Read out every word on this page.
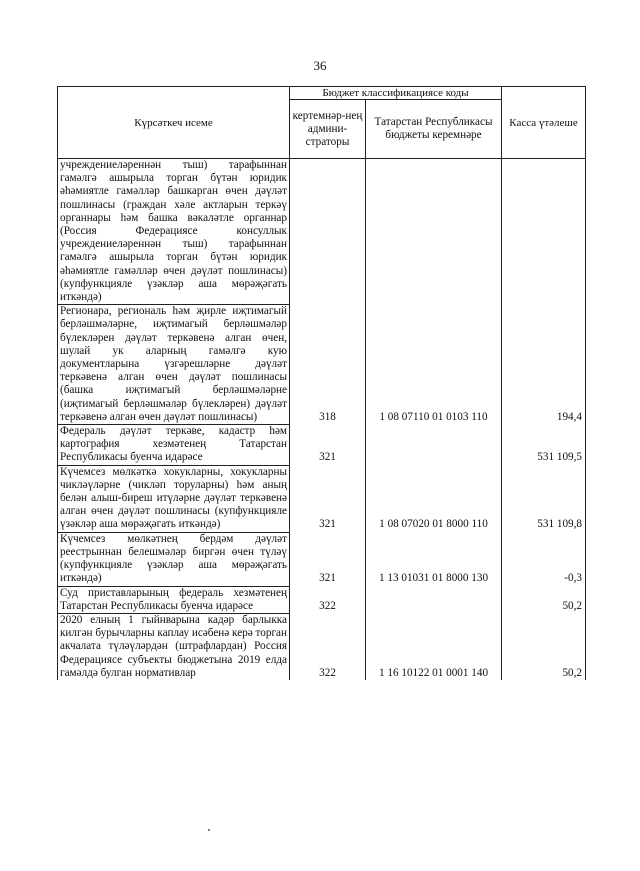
36
Күрсәткеч исеме	Бюджет классификациясе коды		Касса үтәлеше
	кертемнәр-нең админи-страторы	Татарстан Республикасы бюджеты керемнәре	
учреждениеләреннән тыш) тарафыннан гамәлгә ашырыла торган бүтән юридик әһәмиятле гамәлләр башкарган өчен дәүләт пошлинасы (граждан хәле актларын теркәү органнары һәм башка вәкаләтле органнар (Россия Федерациясе консуллык учреждениеләреннән тыш) тарафыннан гамәлгә ашырыла торган бүтән юридик әһәмиятле гамәлләр өчен дәүләт пошлинасы) (купфункцияле үзәкләр аша мөрәҗәгать иткәндә)			
Регионара, региональ һәм җирле иҗтимагый берләшмәләрне, иҗтимагый берләшмәләр бүлекләрен дәүләт теркәвенә алган өчен, шулай ук аларның гамәлгә кую документларына үзгәрешләрне дәүләт теркәвенә алган өчен дәүләт пошлинасы (башка иҗтимагый берләшмәләрне (иҗтимагый берләшмәләр бүлекләрен) дәүләт теркәвенә алган өчен дәүләт пошлинасы)	318	1 08 07110 01 0103 110	194,4
Федераль дәүләт теркәве, кадастр һәм картография хезмәтенең Татарстан Республикасы буенча идарәсе	321		531 109,5
Күчемсез мөлкәткә хокукларны, хокукларны чикләүләрне (чикләп торуларны) һәм аның белән алыш-биреш итүләрне дәүләт теркәвенә алган өчен дәүләт пошлинасы (купфункцияле үзәкләр аша мөрәҗәгать иткәндә)	321	1 08 07020 01 8000 110	531 109,8
Күчемсез мөлкәтнең бердәм дәүләт реестрыннан белешмәләр биргән өчен түләү (купфункцияле үзәкләр аша мөрәҗәгать иткәндә)	321	1 13 01031 01 8000 130	-0,3
Суд приставларының федераль хезмәтенең Татарстан Республикасы буенча идарәсе	322		50,2
2020 елның 1 гыйнварына кадәр барлыкка килгән бурычларны каплау исәбенә керә торган акчалата түләүләрдән (штрафлардан) Россия Федерациясе субъекты бюджетына 2019 елда гамәлдә булган нормативлар	322	1 16 10122 01 0001 140	50,2
